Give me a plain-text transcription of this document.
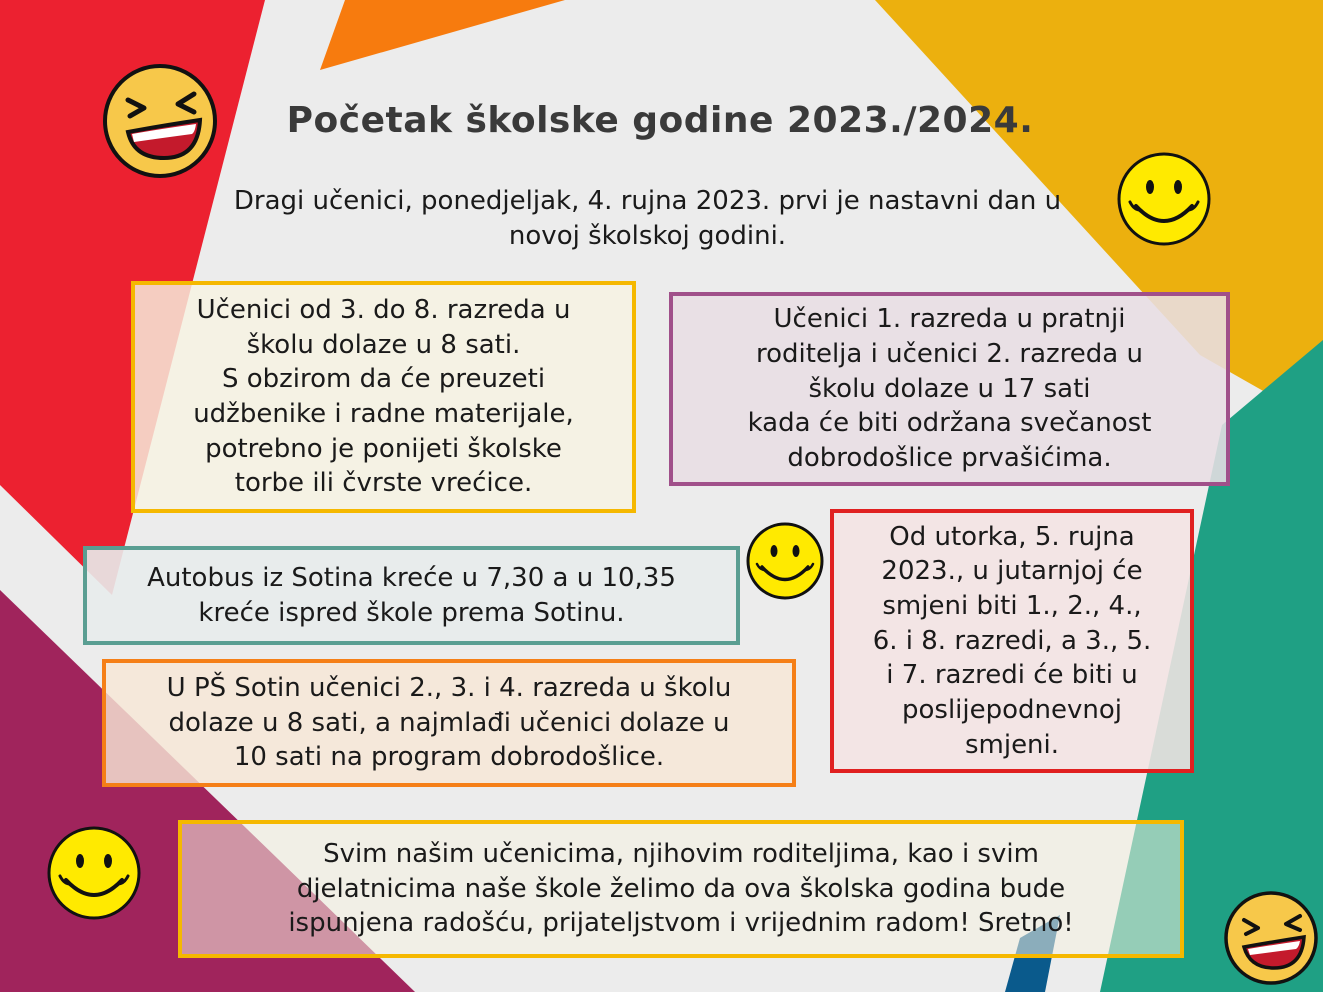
Početak školske godine 2023./2024.
Dragi učenici, ponedjeljak, 4. rujna 2023. prvi je nastavni dan u novoj školskoj godini.

Učenici od 3. do 8. razreda u
školu dolaze u 8 sati.
S obzirom da će preuzeti
udžbenike i radne materijale,
potrebno je ponijeti školske
torbe ili čvrste vrećice.

Učenici 1. razreda u pratnji
roditelja i učenici 2. razreda u
školu dolaze u 17 sati
kada će biti održana svečanost
dobrodošlice prvašićima.

Autobus iz Sotina kreće u 7,30 a u 10,35
kreće ispred škole prema Sotinu.

Od utorka, 5. rujna
2023., u jutarnjoj će
smjeni biti 1., 2., 4.,
6. i 8. razredi, a 3., 5.
i 7. razredi će biti u
poslijepodnevnoj
smjeni.

U PŠ Sotin učenici 2., 3. i 4. razreda u školu
dolaze u 8 sati, a najmlađi učenici dolaze u
10 sati na program dobrodošlice.

Svim našim učenicima, njihovim roditeljima, kao i svim
djelatnicima naše škole želimo da ova školska godina bude
ispunjena radošću, prijateljstvom i vrijednim radom! Sretno!
